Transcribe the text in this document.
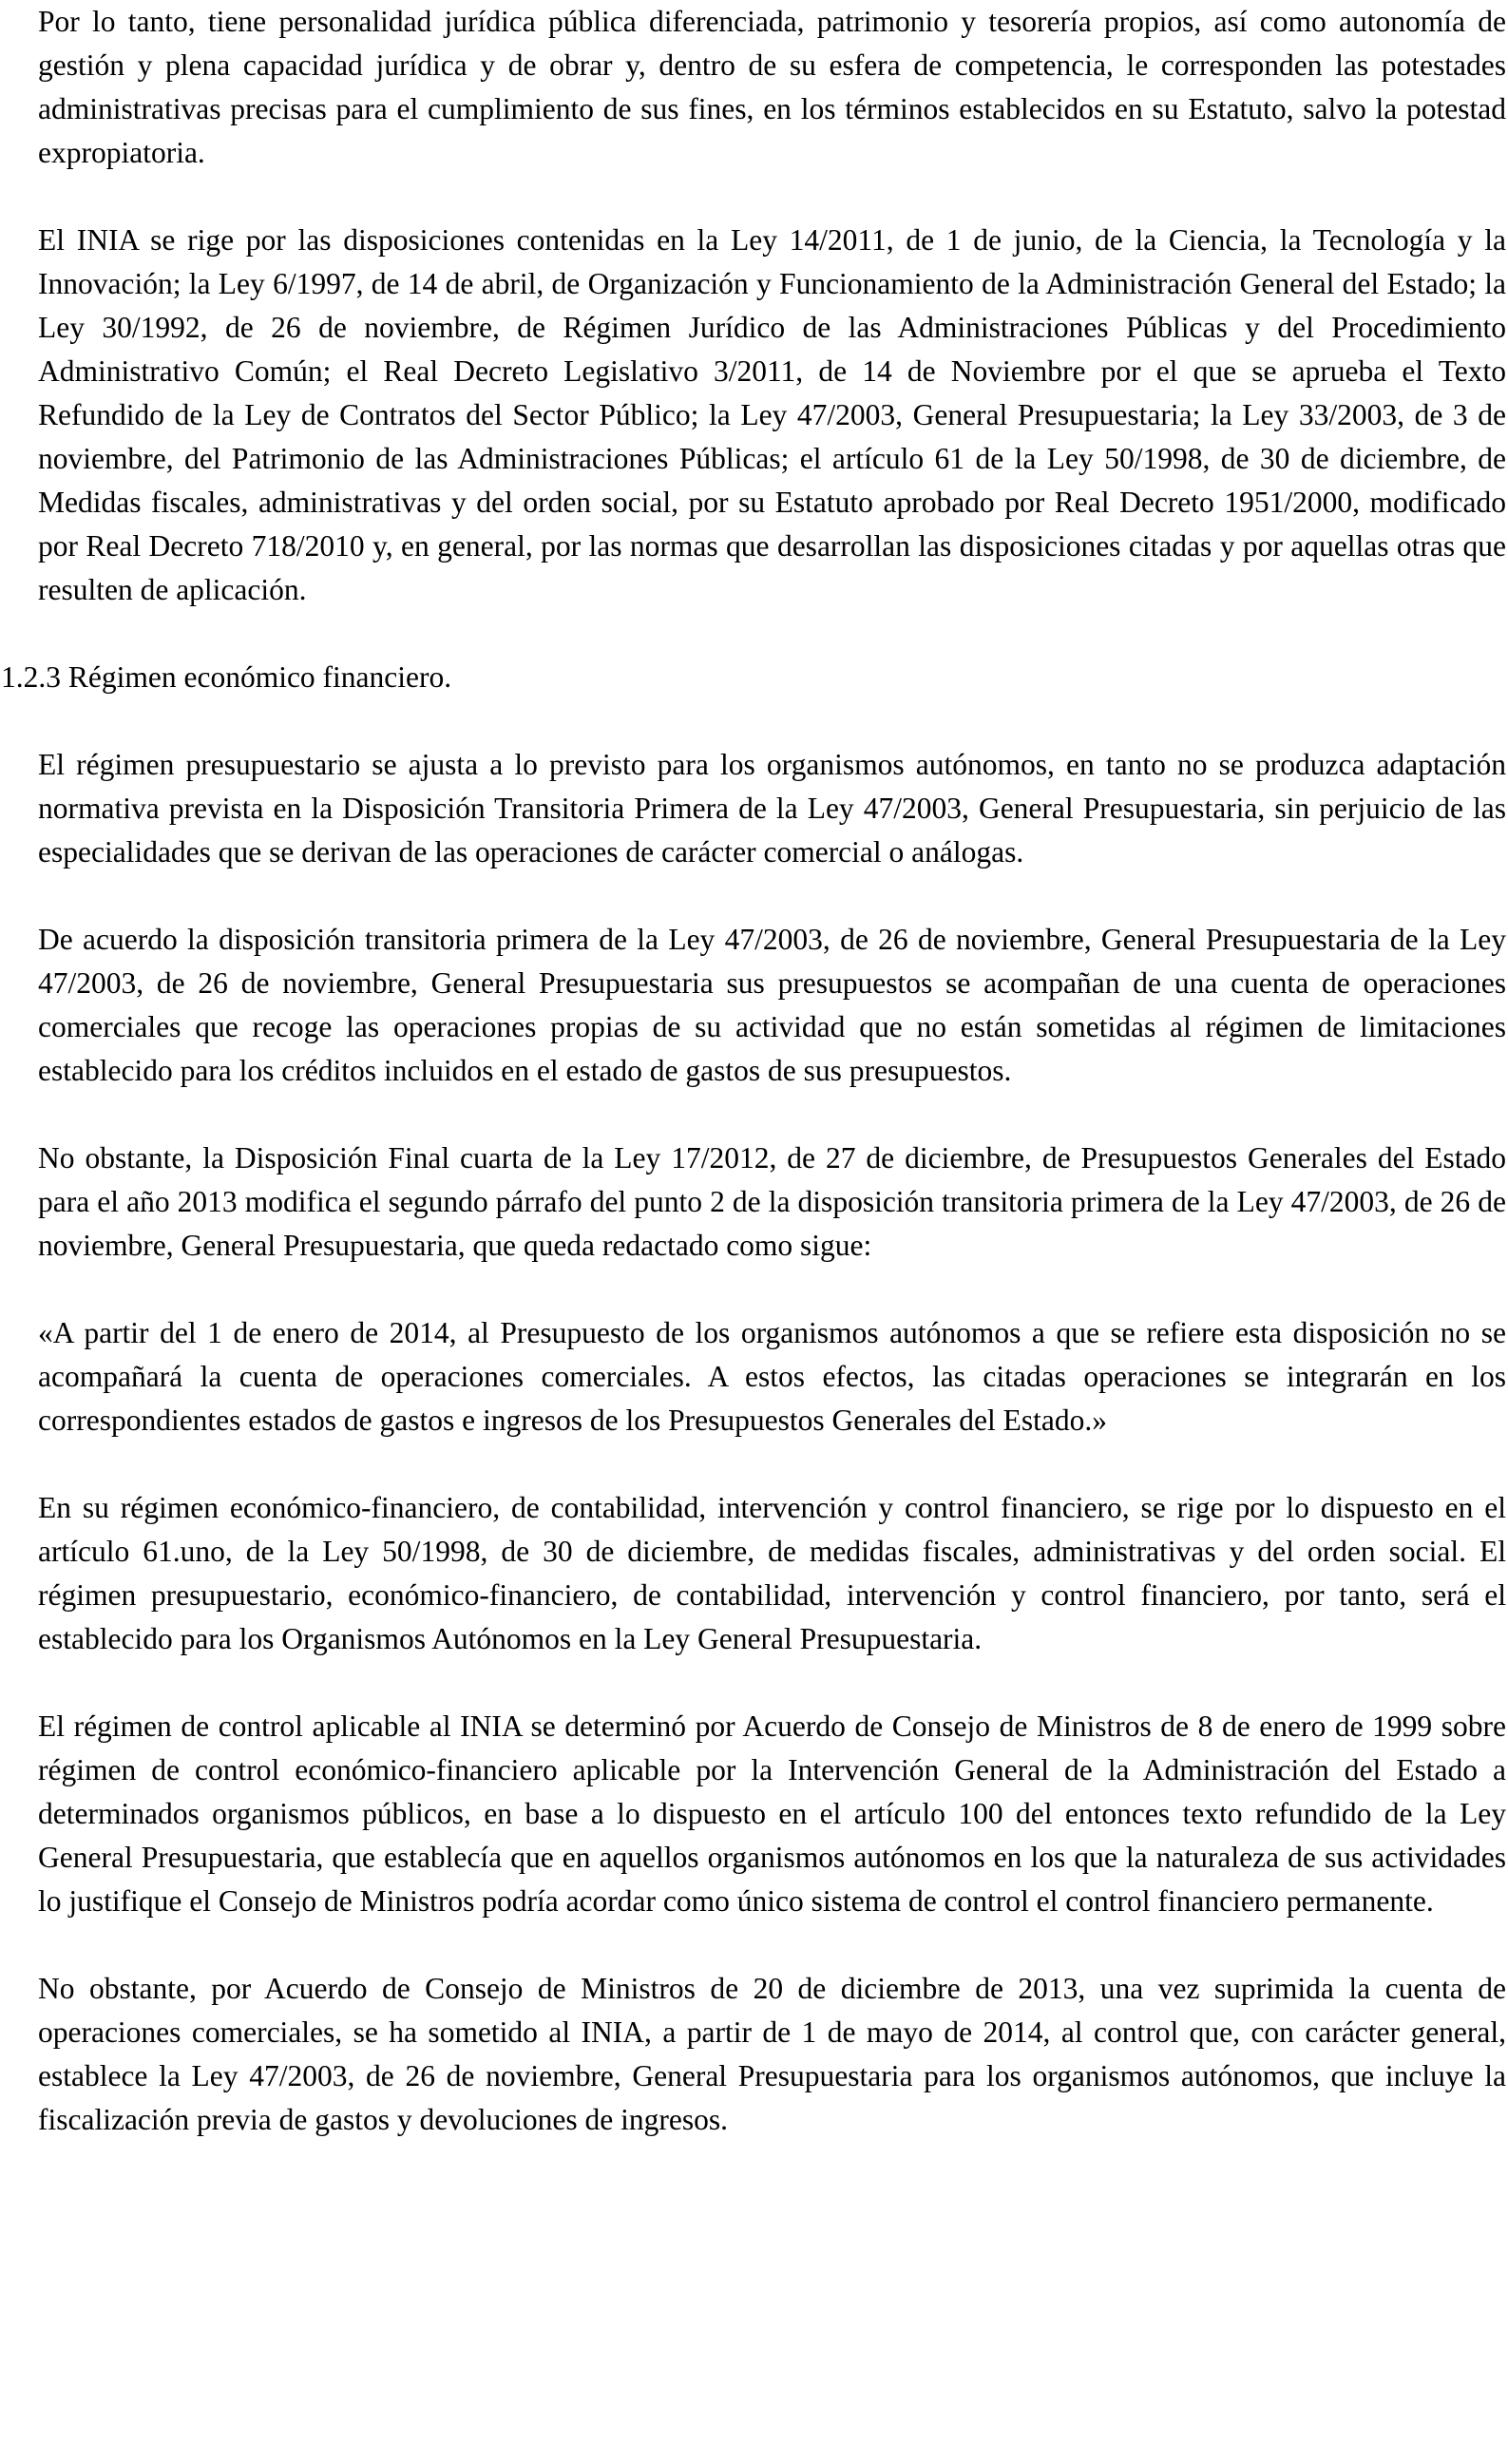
Por lo tanto, tiene personalidad jurídica pública diferenciada, patrimonio y tesorería propios, así como autonomía de gestión y plena capacidad jurídica y de obrar y, dentro de su esfera de competencia, le corresponden las potestades administrativas precisas para el cumplimiento de sus fines, en los términos establecidos en su Estatuto, salvo la potestad expropiatoria.

El INIA se rige por las disposiciones contenidas en la Ley 14/2011, de 1 de junio, de la Ciencia, la Tecnología y la Innovación; la Ley 6/1997, de 14 de abril, de Organización y Funcionamiento de la Administración General del Estado; la Ley 30/1992, de 26 de noviembre, de Régimen Jurídico de las Administraciones Públicas y del Procedimiento Administrativo Común; el Real Decreto Legislativo 3/2011, de 14 de Noviembre por el que se aprueba el Texto Refundido de la Ley de Contratos del Sector Público; la Ley 47/2003, General Presupuestaria; la Ley 33/2003, de 3 de noviembre, del Patrimonio de las Administraciones Públicas; el artículo 61 de la Ley 50/1998, de 30 de diciembre, de Medidas fiscales, administrativas y del orden social, por su Estatuto aprobado por Real Decreto 1951/2000, modificado por Real Decreto 718/2010 y, en general, por las normas que desarrollan las disposiciones citadas y por aquellas otras que resulten de aplicación.

1.2.3 Régimen económico financiero.

El régimen presupuestario se ajusta a lo previsto para los organismos autónomos, en tanto no se produzca adaptación normativa prevista en la Disposición Transitoria Primera de la Ley 47/2003, General Presupuestaria, sin perjuicio de las especialidades que se derivan de las operaciones de carácter comercial o análogas.

De acuerdo la disposición transitoria primera de la Ley 47/2003, de 26 de noviembre, General Presupuestaria de la Ley 47/2003, de 26 de noviembre, General Presupuestaria sus presupuestos se acompañan de una cuenta de operaciones comerciales que recoge las operaciones propias de su actividad que no están sometidas al régimen de limitaciones establecido para los créditos incluidos en el estado de gastos de sus presupuestos.

No obstante, la Disposición Final cuarta de la Ley 17/2012, de 27 de diciembre, de Presupuestos Generales del Estado para el año 2013 modifica el segundo párrafo del punto 2 de la disposición transitoria primera de la Ley 47/2003, de 26 de noviembre, General Presupuestaria, que queda redactado como sigue:

«A partir del 1 de enero de 2014, al Presupuesto de los organismos autónomos a que se refiere esta disposición no se acompañará la cuenta de operaciones comerciales. A estos efectos, las citadas operaciones se integrarán en los correspondientes estados de gastos e ingresos de los Presupuestos Generales del Estado.»

En su régimen económico-financiero, de contabilidad, intervención y control financiero, se rige por lo dispuesto en el artículo 61.uno, de la Ley 50/1998, de 30 de diciembre, de medidas fiscales, administrativas y del orden social. El régimen presupuestario, económico-financiero, de contabilidad, intervención y control financiero, por tanto, será el establecido para los Organismos Autónomos en la Ley General Presupuestaria.

El régimen de control aplicable al INIA se determinó por Acuerdo de Consejo de Ministros de 8 de enero de 1999 sobre régimen de control económico-financiero aplicable por la Intervención General de la Administración del Estado a determinados organismos públicos, en base a lo dispuesto en el artículo 100 del entonces texto refundido de la Ley General Presupuestaria, que establecía que en aquellos organismos autónomos en los que la naturaleza de sus actividades lo justifique el Consejo de Ministros podría acordar como único sistema de control el control financiero permanente.

No obstante, por Acuerdo de Consejo de Ministros de 20 de diciembre de 2013, una vez suprimida la cuenta de operaciones comerciales, se ha sometido al INIA, a partir de 1 de mayo de 2014, al control que, con carácter general, establece la Ley 47/2003, de 26 de noviembre, General Presupuestaria para los organismos autónomos, que incluye la fiscalización previa de gastos y devoluciones de ingresos.
